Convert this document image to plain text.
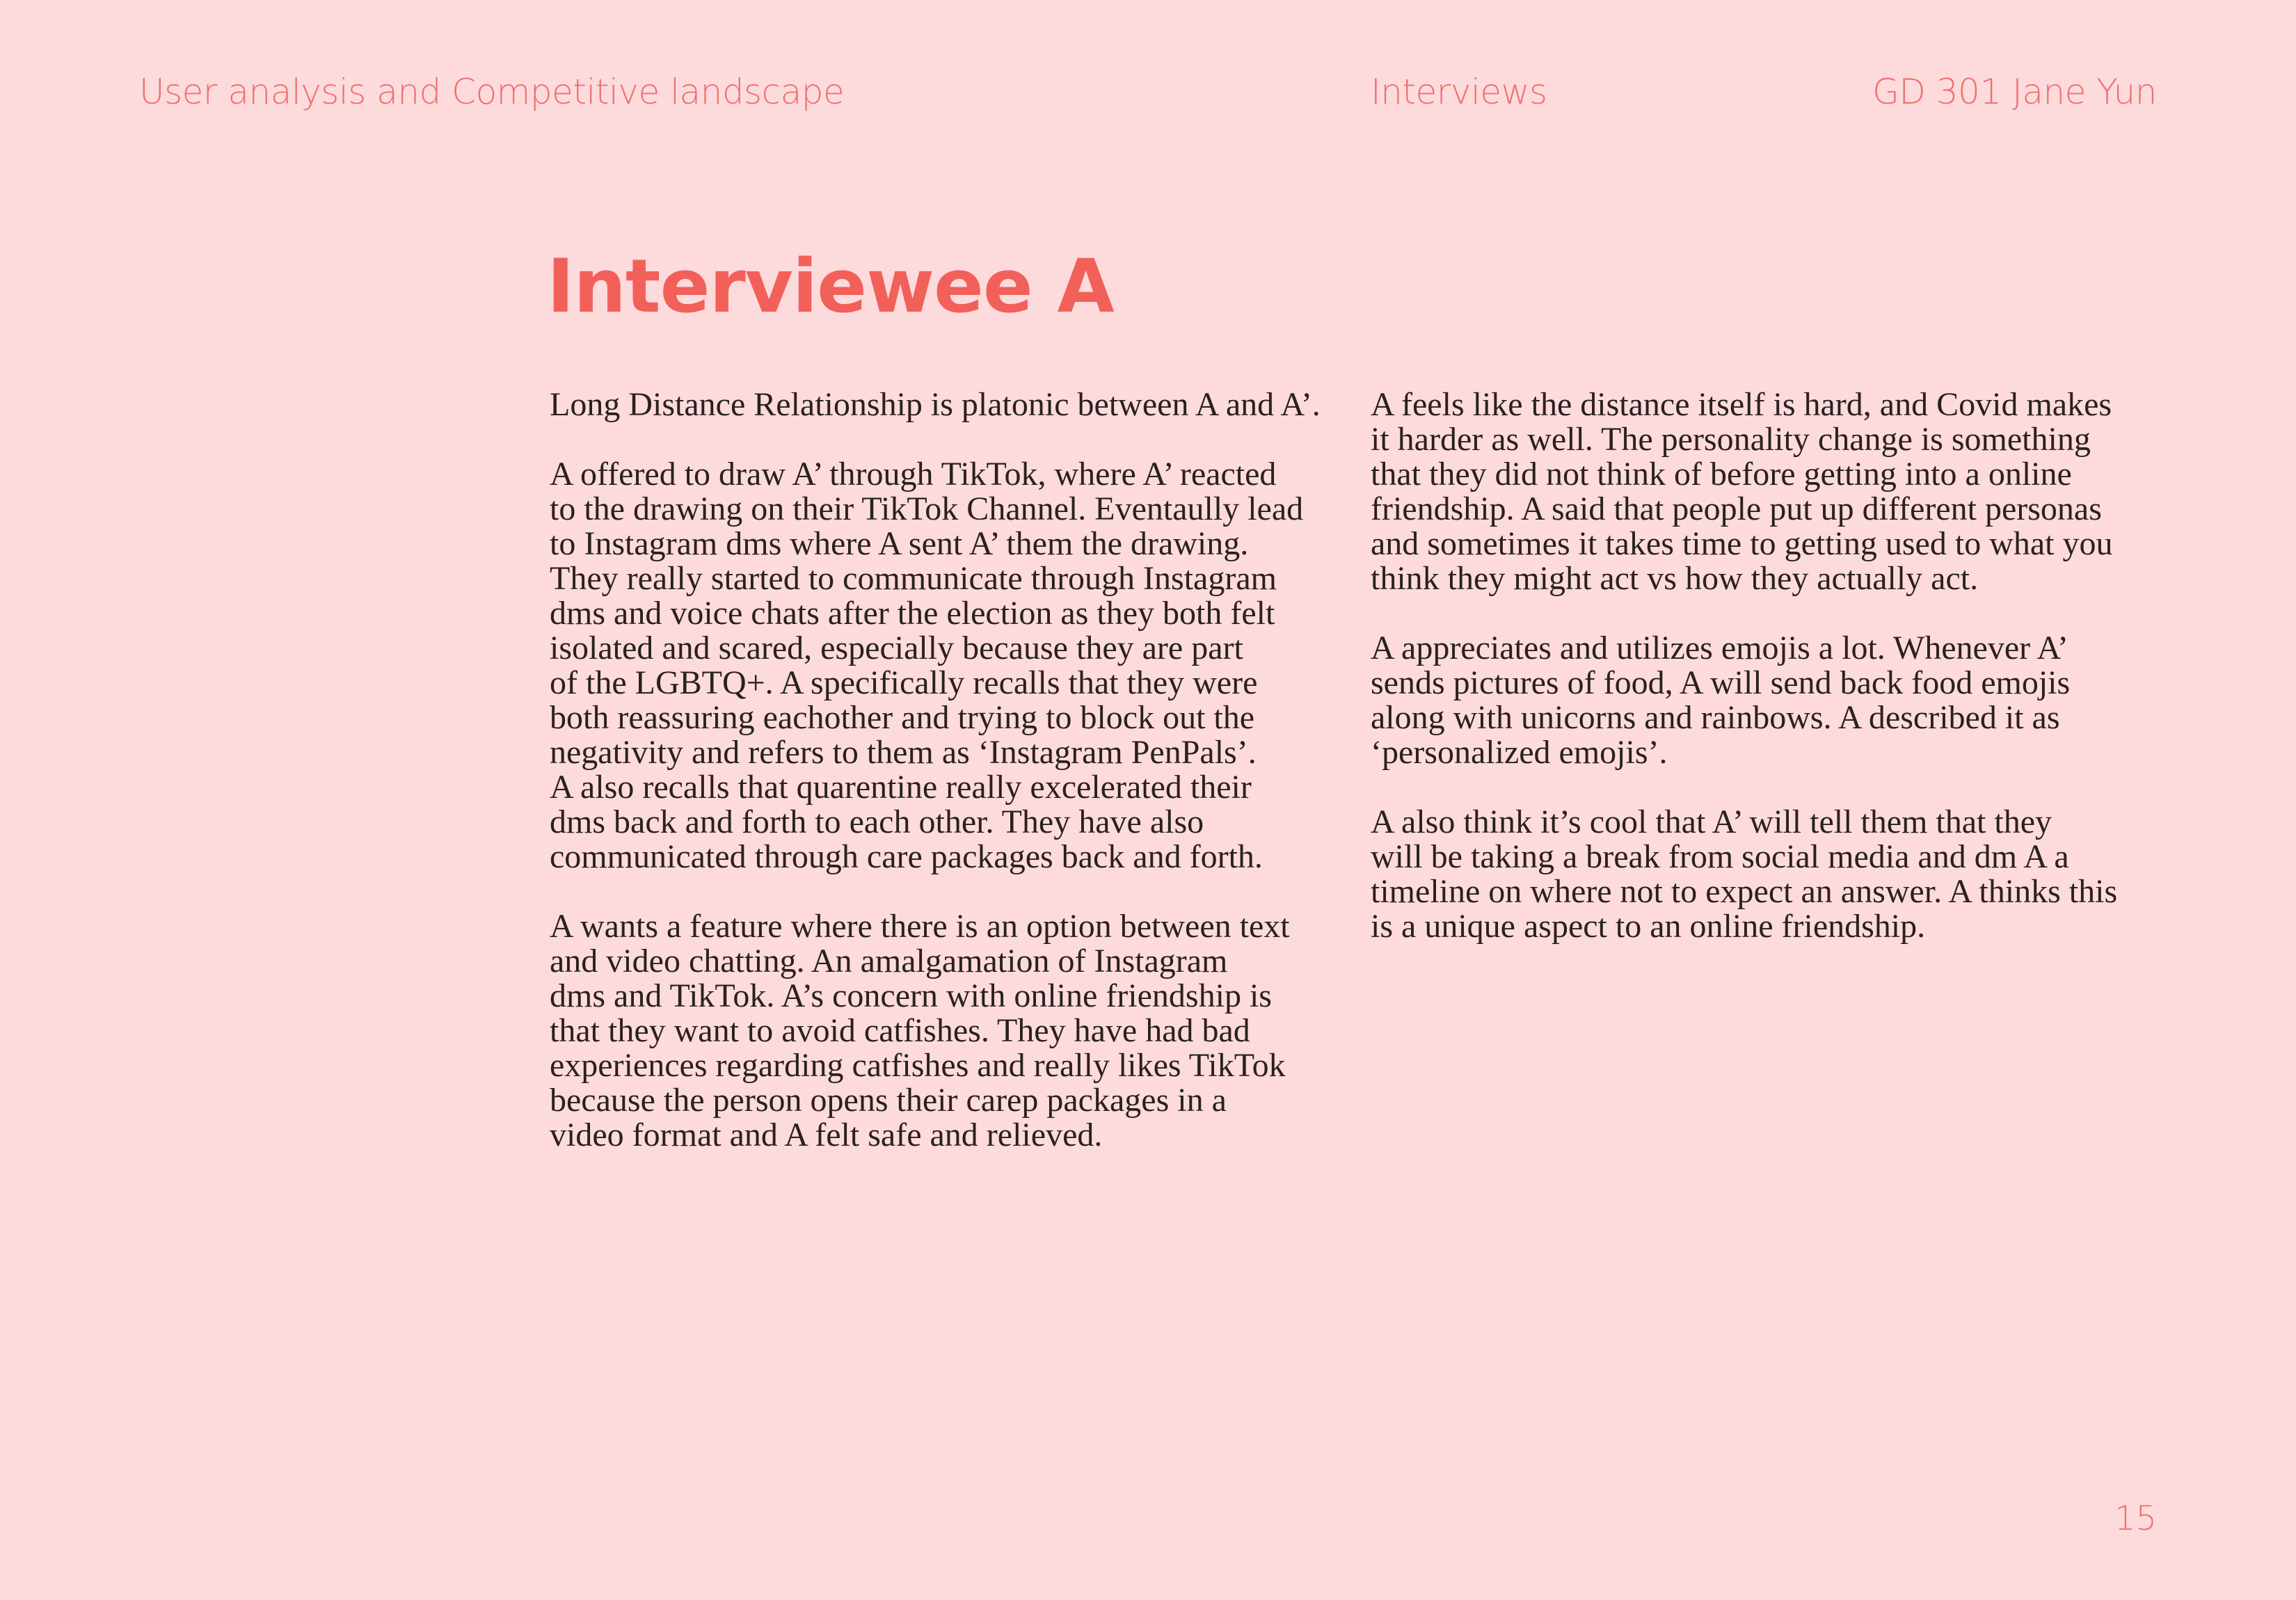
User analysis and Competitive landscape	Interviews	GD 301 Jane Yun
Interviewee A

Long Distance Relationship is platonic between A and A’.

A offered to draw A’ through TikTok, where A’ reacted
to the drawing on their TikTok Channel. Eventaully lead
to Instagram dms where A sent A’ them the drawing.
They really started to communicate through Instagram
dms and voice chats after the election as they both felt
isolated and scared, especially because they are part
of the LGBTQ+. A specifically recalls that they were
both reassuring eachother and trying to block out the
negativity and refers to them as ‘Instagram PenPals’.
A also recalls that quarentine really excelerated their
dms back and forth to each other. They have also
communicated through care packages back and forth.

A wants a feature where there is an option between text
and video chatting. An amalgamation of Instagram
dms and TikTok. A’s concern with online friendship is
that they want to avoid catfishes. They have had bad
experiences regarding catfishes and really likes TikTok
because the person opens their carep packages in a
video format and A felt safe and relieved.

A feels like the distance itself is hard, and Covid makes
it harder as well. The personality change is something
that they did not think of before getting into a online
friendship. A said that people put up different personas
and sometimes it takes time to getting used to what you
think they might act vs how they actually act.

A appreciates and utilizes emojis a lot. Whenever A’
sends pictures of food, A will send back food emojis
along with unicorns and rainbows. A described it as
‘personalized emojis’.

A also think it’s cool that A’ will tell them that they
will be taking a break from social media and dm A a
timeline on where not to expect an answer. A thinks this
is a unique aspect to an online friendship.

15
